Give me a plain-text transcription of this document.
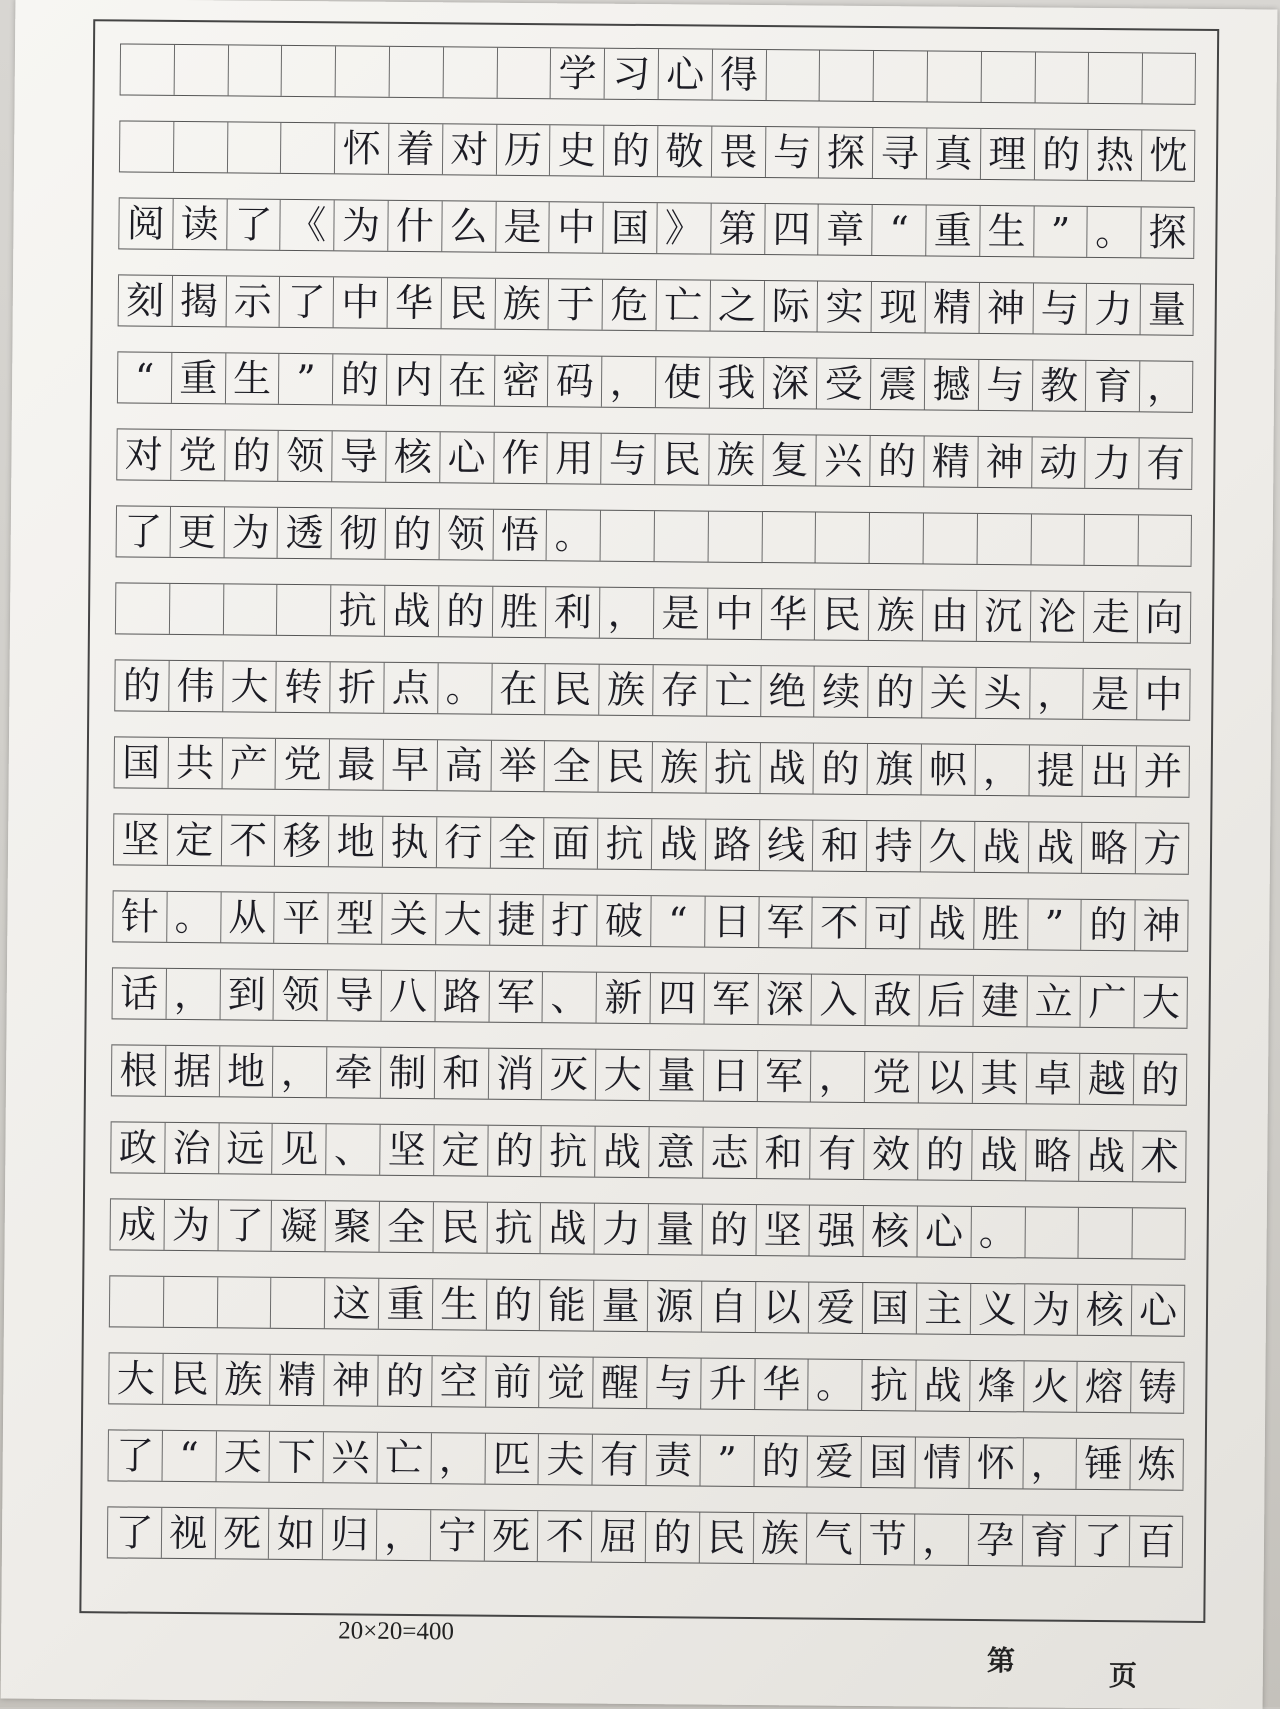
学 习 心 得
怀 着 对 历 史 的 敬 畏 与 探 寻 真 理 的 热 忱
阅 读 了 《 为 什 么 是 中 国 》 第 四 章 “ 重 生 ” 。 探
刻 揭 示 了 中 华 民 族 于 危 亡 之 际 实 现 精 神 与 力 量
“ 重 生 ” 的 内 在 密 码 ， 使 我 深 受 震 撼 与 教 育 ，
对 党 的 领 导 核 心 作 用 与 民 族 复 兴 的 精 神 动 力 有
了 更 为 透 彻 的 领 悟 。
抗 战 的 胜 利 ， 是 中 华 民 族 由 沉 沦 走 向
的 伟 大 转 折 点 。 在 民 族 存 亡 绝 续 的 关 头 ， 是 中
国 共 产 党 最 早 高 举 全 民 族 抗 战 的 旗 帜 ， 提 出 并
坚 定 不 移 地 执 行 全 面 抗 战 路 线 和 持 久 战 战 略 方
针 。 从 平 型 关 大 捷 打 破 “ 日 军 不 可 战 胜 ” 的 神
话 ， 到 领 导 八 路 军 、 新 四 军 深 入 敌 后 建 立 广 大
根 据 地 ， 牵 制 和 消 灭 大 量 日 军 ， 党 以 其 卓 越 的
政 治 远 见 、 坚 定 的 抗 战 意 志 和 有 效 的 战 略 战 术
成 为 了 凝 聚 全 民 抗 战 力 量 的 坚 强 核 心 。
这 重 生 的 能 量 源 自 以 爱 国 主 义 为 核 心
大 民 族 精 神 的 空 前 觉 醒 与 升 华 。 抗 战 烽 火 熔 铸
了 “ 天 下 兴 亡 ， 匹 夫 有 责 ” 的 爱 国 情 怀 ， 锤 炼
了 视 死 如 归 ， 宁 死 不 屈 的 民 族 气 节 ， 孕 育 了 百
20×20=400
第	页
